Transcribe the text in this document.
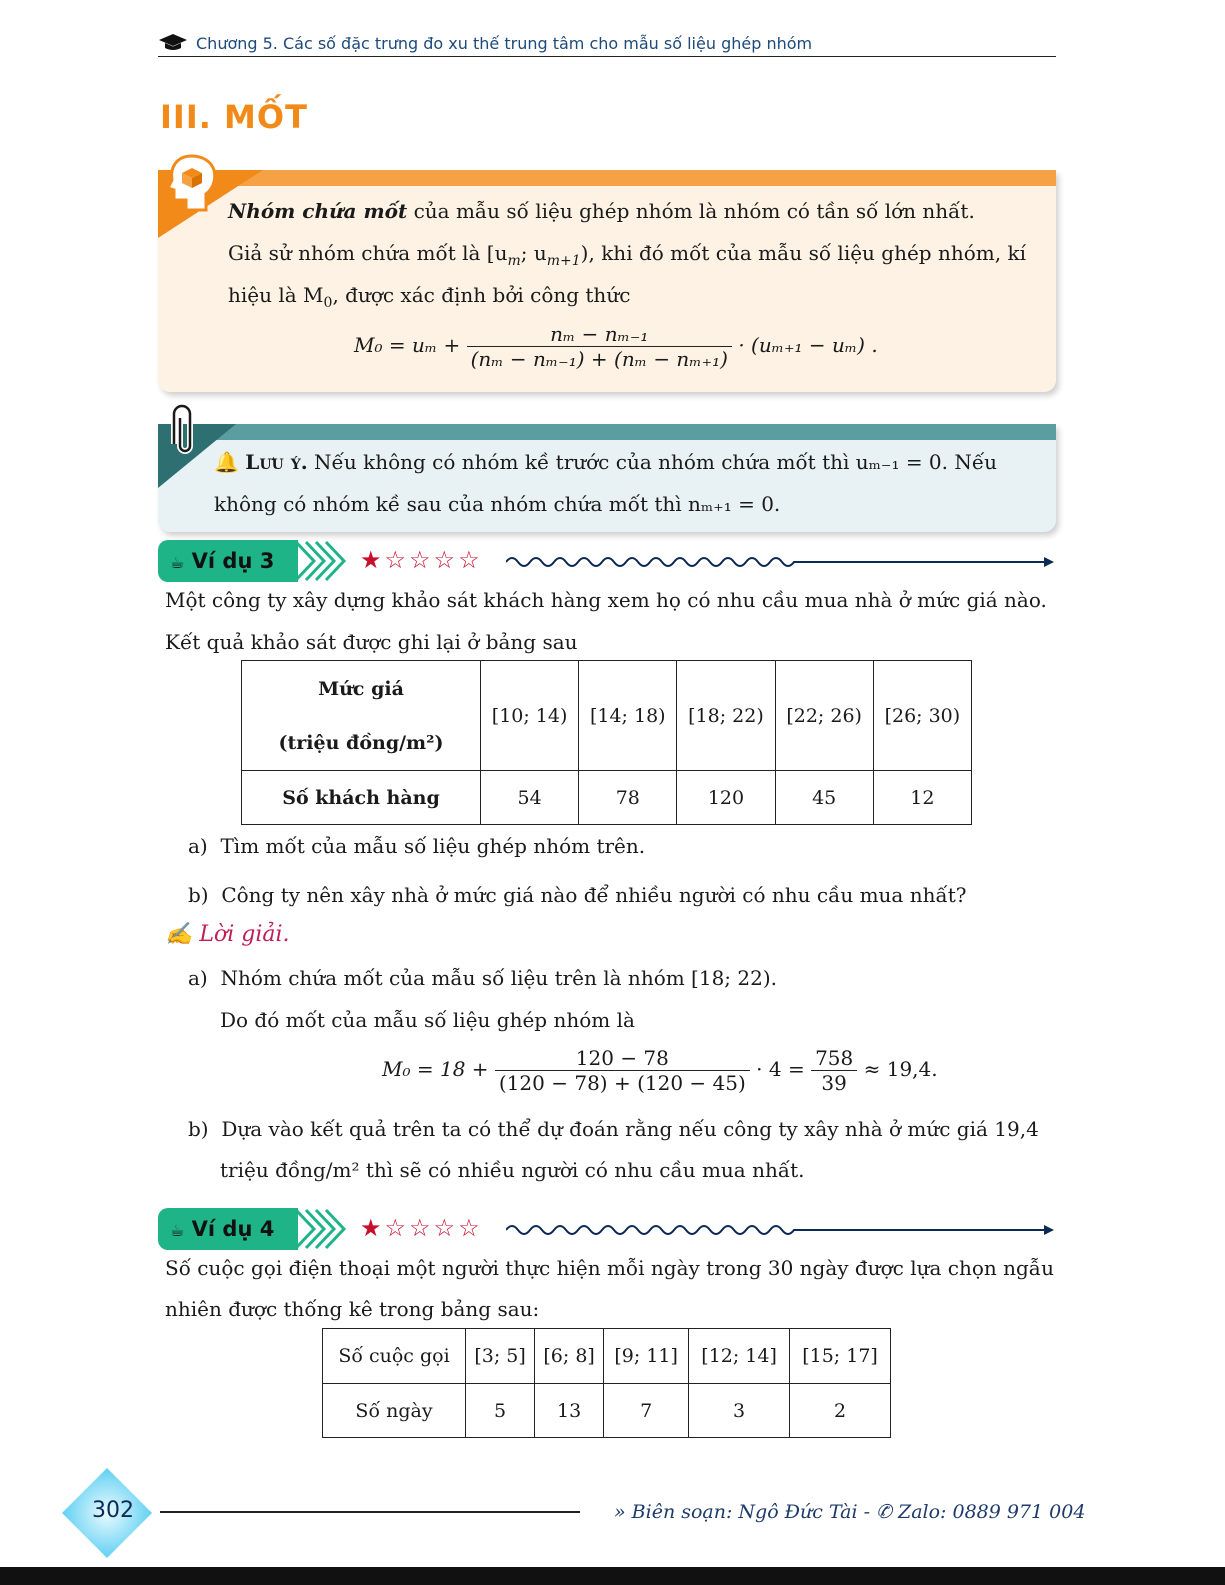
Chương 5. Các số đặc trưng đo xu thế trung tâm cho mẫu số liệu ghép nhóm
III. MỐT
Nhóm chứa mốt của mẫu số liệu ghép nhóm là nhóm có tần số lớn nhất.
Giả sử nhóm chứa mốt là [$u_m$; $u_{m+1}$), khi đó mốt của mẫu số liệu ghép nhóm, kí
hiệu là $M_0$, được xác định bởi công thức
$M_0 = u_m + \frac{\text{nₘ − nₘ₋₁}}{\text{(nₘ − nₘ₋₁) + (nₘ − nₘ₊₁)}} \cdot (u_{m+1} - u_m)$ .
🔔 Lưu ý. Nếu không có nhóm kề trước của nhóm chứa mốt thì uₘ₋₁ = 0. Nếu
không có nhóm kề sau của nhóm chứa mốt thì nₘ₊₁ = 0.
☕ Ví dụ 3	★☆☆☆☆
Một công ty xây dựng khảo sát khách hàng xem họ có nhu cầu mua nhà ở mức giá nào.
Kết quả khảo sát được ghi lại ở bảng sau
Mức giá
(triệu đồng/m²)	[10; 14)	[14; 18)	[18; 22)	[22; 26)	[26; 30)
Số khách hàng	54	78	120	45	12
a) Tìm mốt của mẫu số liệu ghép nhóm trên.
b) Công ty nên xây nhà ở mức giá nào để nhiều người có nhu cầu mua nhất?
✍ Lời giải.
a) Nhóm chứa mốt của mẫu số liệu trên là nhóm [18; 22).
Do đó mốt của mẫu số liệu ghép nhóm là
$M_0 = 18 + \frac{120 - 78}{(120 - 78) + (120 - 45)} \cdot 4 = \frac{758}{39} \approx 19,4$.
b) Dựa vào kết quả trên ta có thể dự đoán rằng nếu công ty xây nhà ở mức giá 19,4
triệu đồng/m² thì sẽ có nhiều người có nhu cầu mua nhất.
☕ Ví dụ 4	★☆☆☆☆
Số cuộc gọi điện thoại một người thực hiện mỗi ngày trong 30 ngày được lựa chọn ngẫu
nhiên được thống kê trong bảng sau:
Số cuộc gọi	[3; 5]	[6; 8]	[9; 11]	[12; 14]	[15; 17]
Số ngày	5	13	7	3	2
302	» Biên soạn: Ngô Đức Tài - ✆ Zalo: 0889 971 004
